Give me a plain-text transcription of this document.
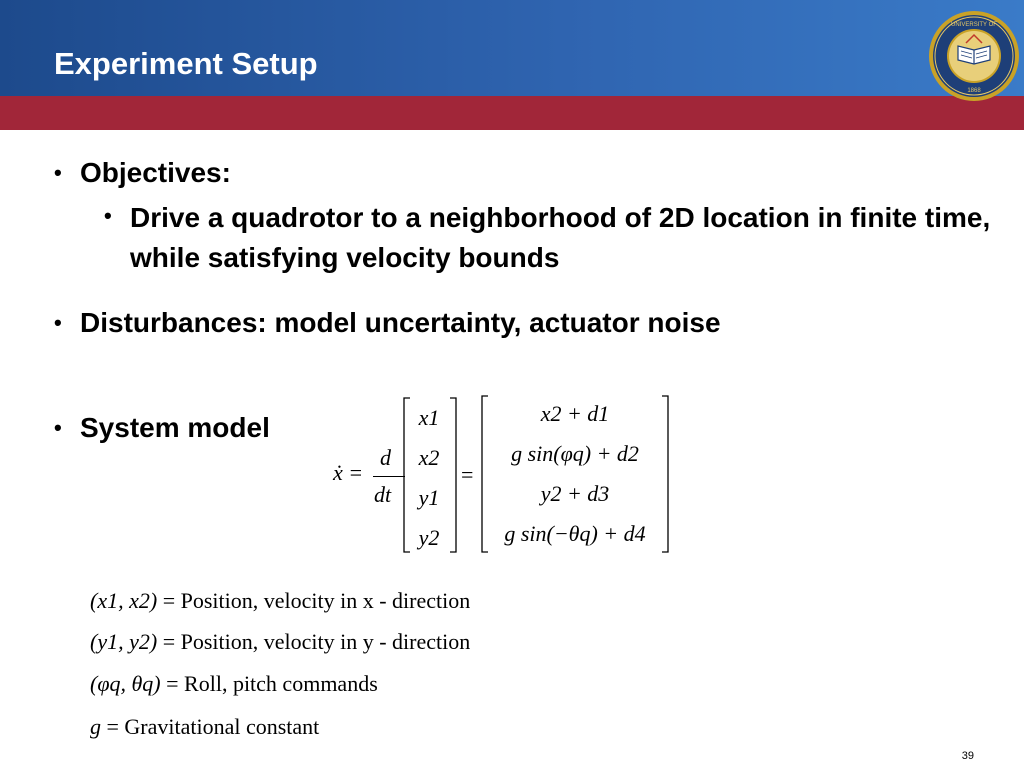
Experiment Setup
UNIVERSITY OF
1868
• Objectives:
• Drive a quadrotor to a neighborhood of 2D location in finite time, while satisfying velocity bounds
• Disturbances: model uncertainty, actuator noise
• System model
ẋ =
d
dt
x1
x2
y1
y2
=
x2 + d1
g sin(φq) + d2
y2 + d3
g sin(−θq) + d4
(x1, x2) = Position, velocity in x - direction
(y1, y2) = Position, velocity in y - direction
(φq, θq) = Roll, pitch commands
g = Gravitational constant
39
